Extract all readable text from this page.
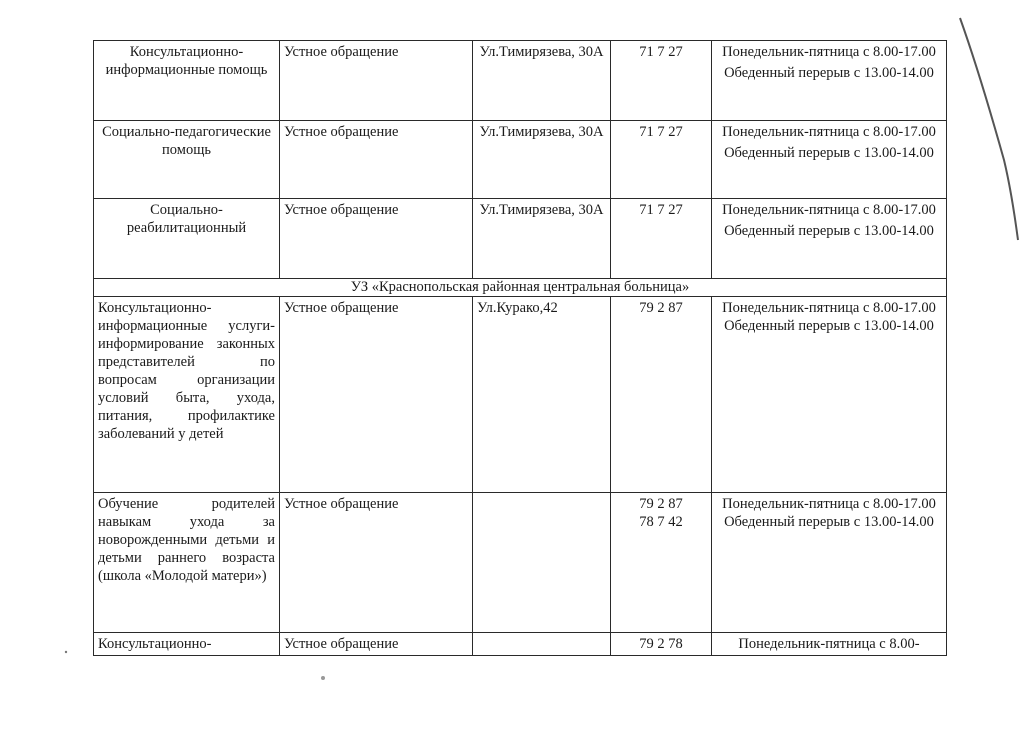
Консультационно-информационные помощь	Устное обращение	Ул.Тимирязева, 30А	71 7 27	Понедельник-пятница с 8.00-17.00
Обеденный перерыв с 13.00-14.00

Социально-педагогические помощь	Устное обращение	Ул.Тимирязева, 30А	71 7 27	Понедельник-пятница с 8.00-17.00
Обеденный перерыв с 13.00-14.00

Социально-реабилитационный	Устное обращение	Ул.Тимирязева, 30А	71 7 27	Понедельник-пятница с 8.00-17.00
Обеденный перерыв с 13.00-14.00

УЗ «Краснопольская районная центральная больница»				
Консультационно-информационные услуги-информирование законных представителей по вопросам организации условий быта, ухода, питания, профилактике заболеваний у детей	Устное обращение	Ул.Курако,42	79 2 87	Понедельник-пятница с 8.00-17.00
Обеденный перерыв с 13.00-14.00

Обучение родителей навыкам ухода за новорожденными детьми и детьми раннего возраста (школа «Молодой матери»)	Устное обращение		79 2 87
78 7 42	Понедельник-пятница с 8.00-17.00
Обеденный перерыв с 13.00-14.00

Консультационно-	Устное обращение		79 2 78	Понедельник-пятница с 8.00-
